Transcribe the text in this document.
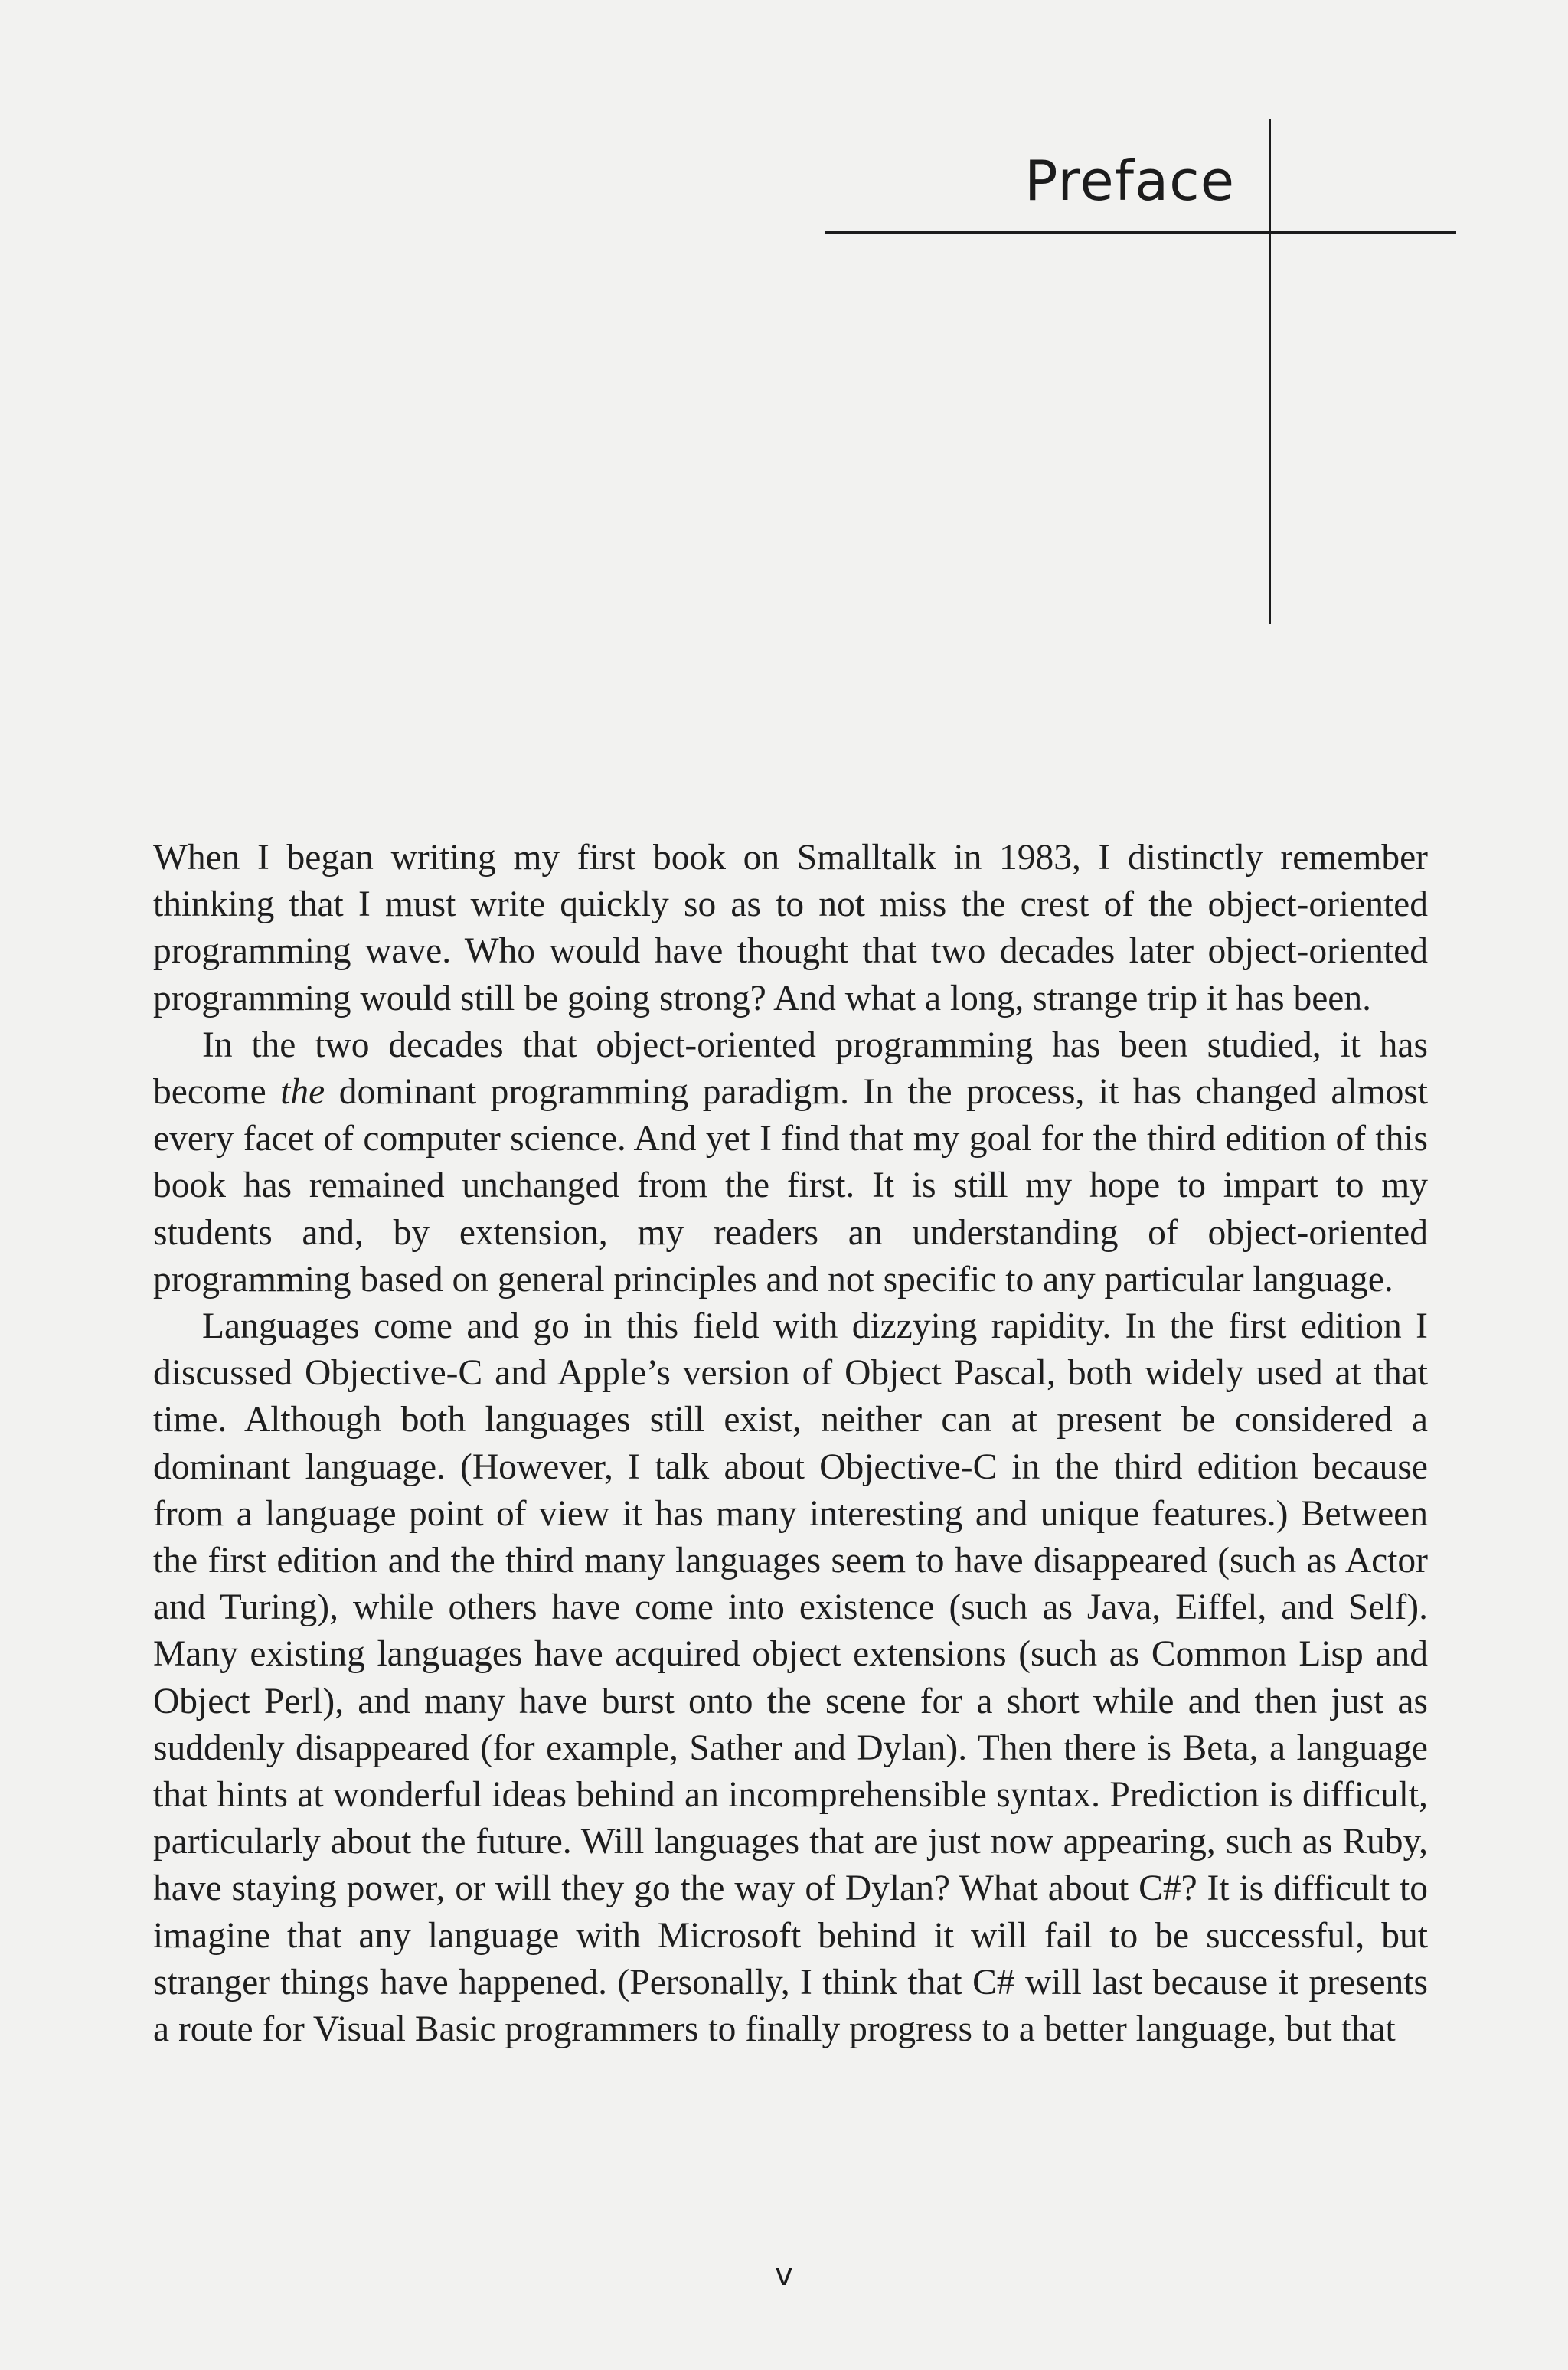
Preface

When I began writing my first book on Smalltalk in 1983, I distinctly remember thinking that I must write quickly so as to not miss the crest of the object-oriented programming wave. Who would have thought that two decades later object-oriented programming would still be going strong? And what a long, strange trip it has been.

In the two decades that object-oriented programming has been studied, it has become the dominant programming paradigm. In the process, it has changed almost every facet of computer science. And yet I find that my goal for the third edition of this book has remained unchanged from the first. It is still my hope to impart to my students and, by extension, my readers an understanding of object-oriented programming based on general principles and not specific to any particular language.

Languages come and go in this field with dizzying rapidity. In the first edition I discussed Objective-C and Apple’s version of Object Pascal, both widely used at that time. Although both languages still exist, neither can at present be considered a dominant language. (However, I talk about Objective-C in the third edition because from a language point of view it has many interesting and unique features.) Between the first edition and the third many languages seem to have disappeared (such as Actor and Turing), while others have come into existence (such as Java, Eiffel, and Self). Many existing languages have acquired object extensions (such as Common Lisp and Object Perl), and many have burst onto the scene for a short while and then just as suddenly disappeared (for example, Sather and Dylan). Then there is Beta, a language that hints at wonderful ideas behind an incomprehensible syntax. Prediction is difficult, particularly about the future. Will languages that are just now appearing, such as Ruby, have staying power, or will they go the way of Dylan? What about C#? It is difficult to imagine that any language with Microsoft behind it will fail to be successful, but stranger things have happened. (Personally, I think that C# will last because it presents a route for Visual Basic programmers to finally progress to a better language, but that

v
